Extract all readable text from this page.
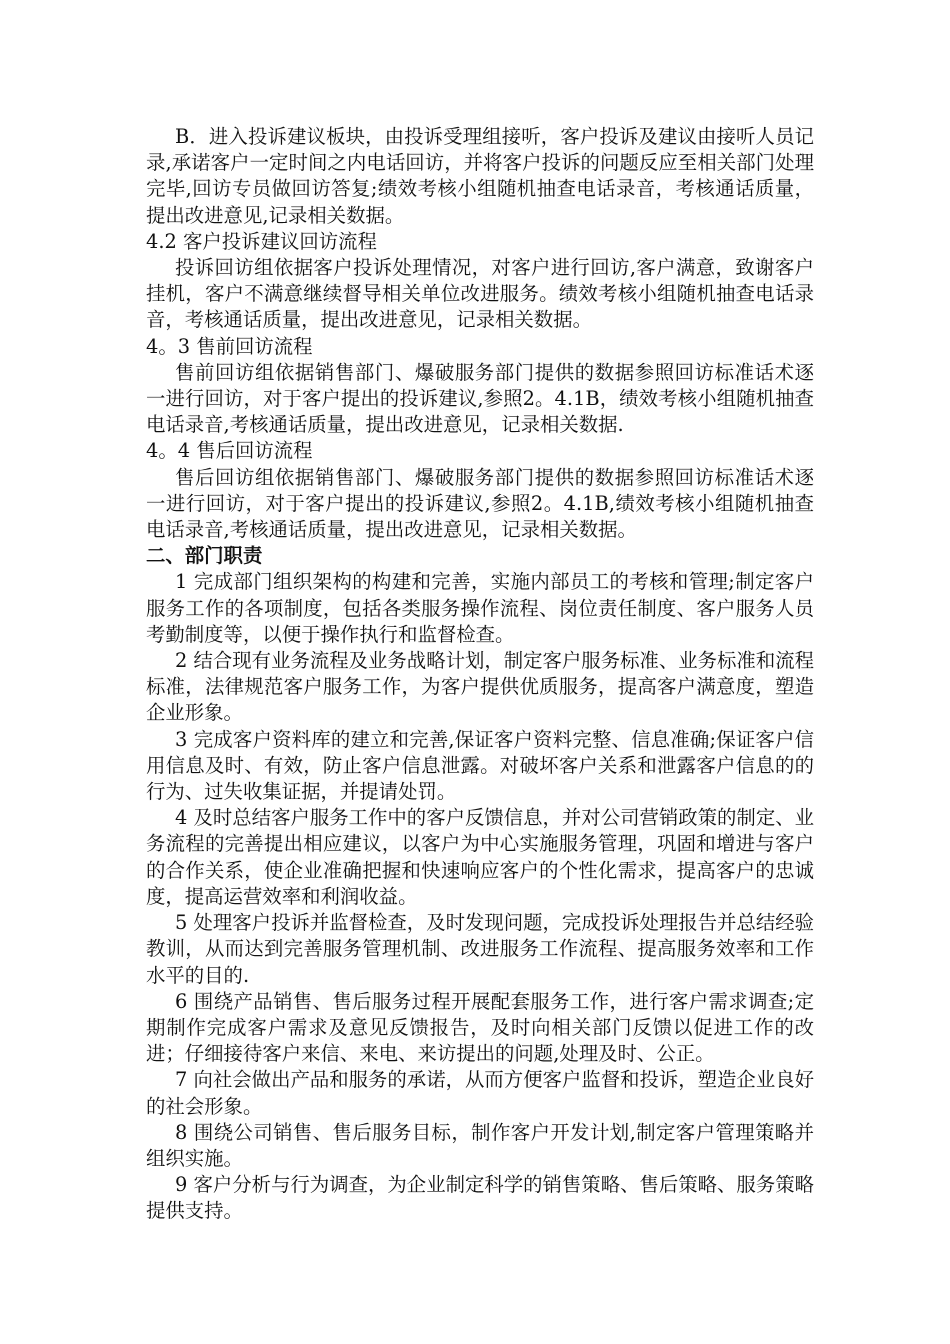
B．进入投诉建议板块，由投诉受理组接听，客户投诉及建议由接听人员记录,承诺客户一定时间之内电话回访，并将客户投诉的问题反应至相关部门处理完毕,回访专员做回访答复;绩效考核小组随机抽查电话录音，考核通话质量，提出改进意见,记录相关数据。

4.2 客户投诉建议回访流程

投诉回访组依据客户投诉处理情况，对客户进行回访,客户满意，致谢客户挂机，客户不满意继续督导相关单位改进服务。绩效考核小组随机抽查电话录音，考核通话质量，提出改进意见，记录相关数据。

4。3 售前回访流程

售前回访组依据销售部门、爆破服务部门提供的数据参照回访标准话术逐一进行回访，对于客户提出的投诉建议,参照2。4.1B，绩效考核小组随机抽查电话录音,考核通话质量，提出改进意见，记录相关数据.

4。4 售后回访流程

售后回访组依据销售部门、爆破服务部门提供的数据参照回访标准话术逐一进行回访，对于客户提出的投诉建议,参照2。4.1B,绩效考核小组随机抽查电话录音,考核通话质量，提出改进意见，记录相关数据。

二、部门职责

1 完成部门组织架构的构建和完善，实施内部员工的考核和管理;制定客户服务工作的各项制度，包括各类服务操作流程、岗位责任制度、客户服务人员考勤制度等，以便于操作执行和监督检查。

2 结合现有业务流程及业务战略计划，制定客户服务标准、业务标准和流程标准，法律规范客户服务工作，为客户提供优质服务，提高客户满意度，塑造企业形象。

3 完成客户资料库的建立和完善,保证客户资料完整、信息准确;保证客户信用信息及时、有效，防止客户信息泄露。对破坏客户关系和泄露客户信息的的行为、过失收集证据，并提请处罚。

4 及时总结客户服务工作中的客户反馈信息，并对公司营销政策的制定、业务流程的完善提出相应建议，以客户为中心实施服务管理，巩固和增进与客户的合作关系，使企业准确把握和快速响应客户的个性化需求，提高客户的忠诚度，提高运营效率和利润收益。

5 处理客户投诉并监督检查，及时发现问题，完成投诉处理报告并总结经验教训，从而达到完善服务管理机制、改进服务工作流程、提高服务效率和工作水平的目的.

6 围绕产品销售、售后服务过程开展配套服务工作，进行客户需求调查;定期制作完成客户需求及意见反馈报告，及时向相关部门反馈以促进工作的改进；仔细接待客户来信、来电、来访提出的问题,处理及时、公正。

7 向社会做出产品和服务的承诺，从而方便客户监督和投诉，塑造企业良好的社会形象。

8 围绕公司销售、售后服务目标，制作客户开发计划,制定客户管理策略并组织实施。

9 客户分析与行为调查，为企业制定科学的销售策略、售后策略、服务策略提供支持。
